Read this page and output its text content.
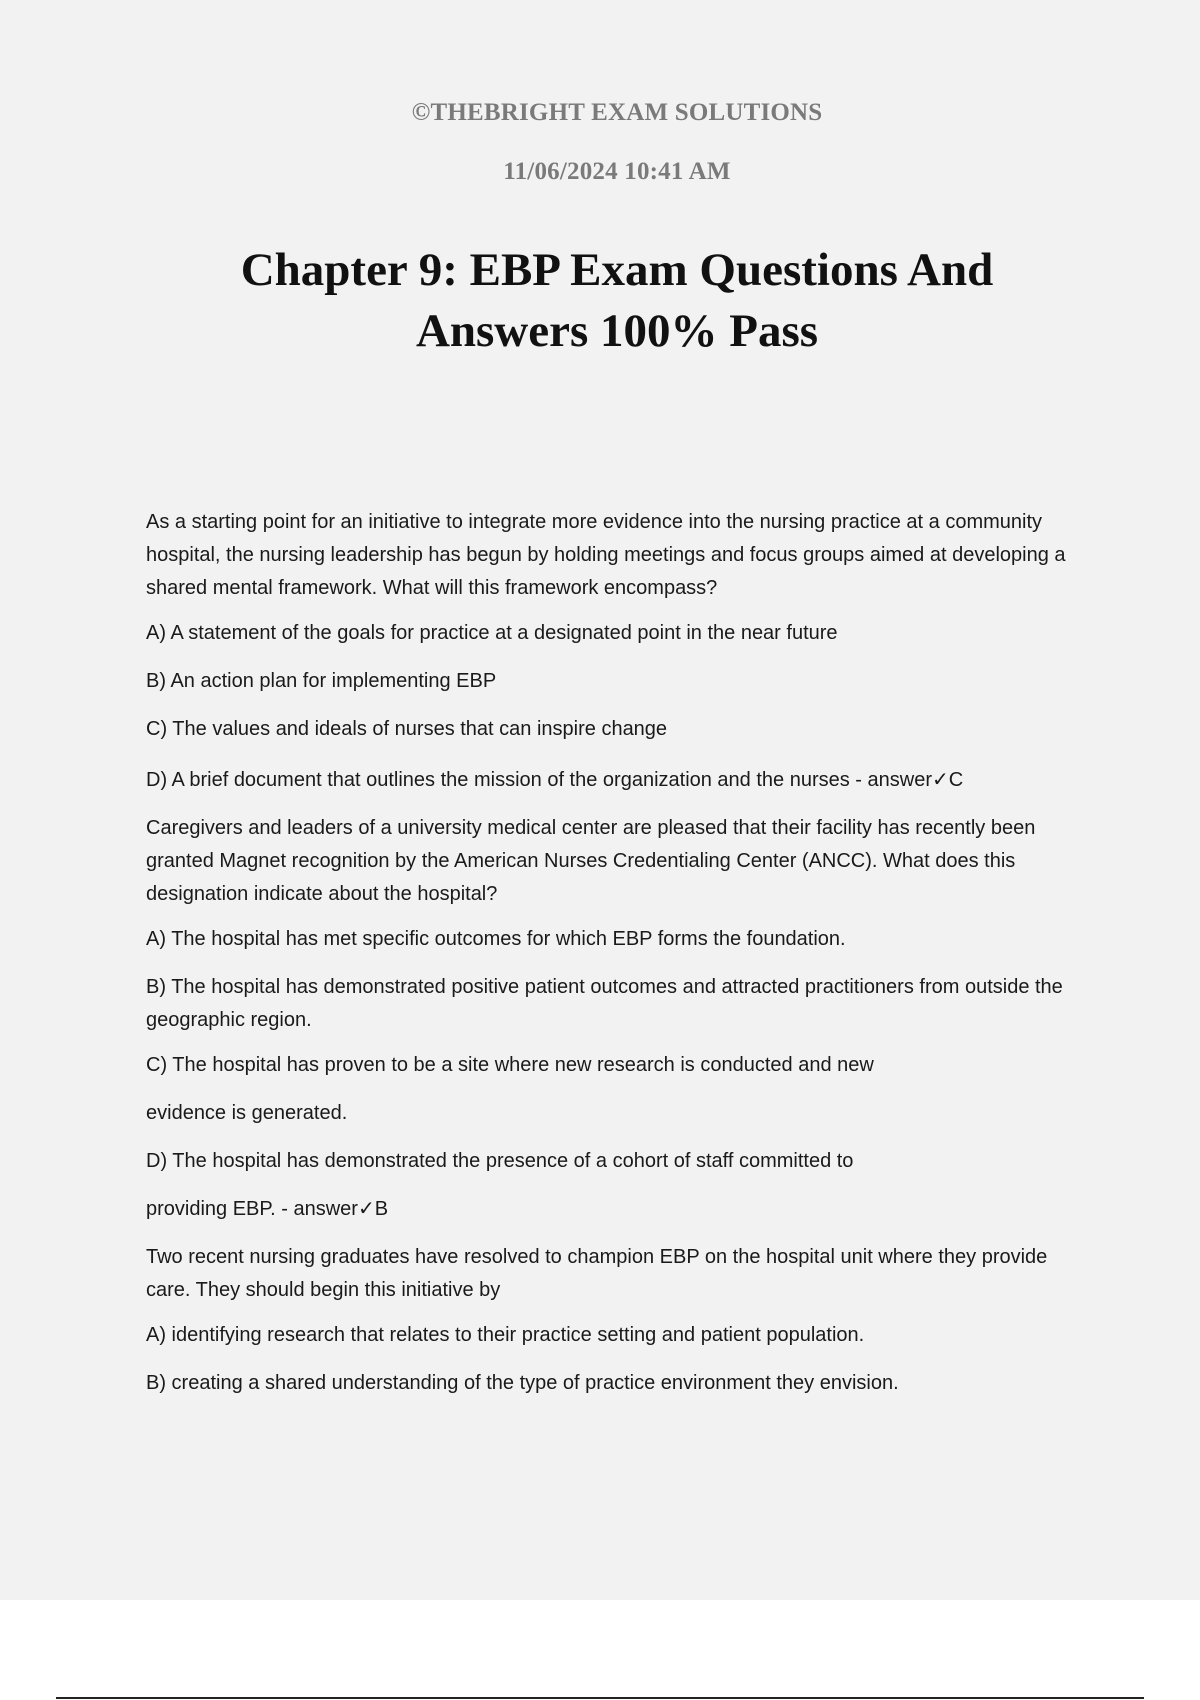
©THEBRIGHT EXAM SOLUTIONS
11/06/2024 10:41 AM
Chapter 9: EBP Exam Questions And
Answers 100% Pass

As a starting point for an initiative to integrate more evidence into the nursing practice at a community hospital, the nursing leadership has begun by holding meetings and focus groups aimed at developing a shared mental framework. What will this framework encompass?

A) A statement of the goals for practice at a designated point in the near future

B) An action plan for implementing EBP

C) The values and ideals of nurses that can inspire change

D) A brief document that outlines the mission of the organization and the nurses - answer✓C

Caregivers and leaders of a university medical center are pleased that their facility has recently been granted Magnet recognition by the American Nurses Credentialing Center (ANCC). What does this designation indicate about the hospital?

A) The hospital has met specific outcomes for which EBP forms the foundation.

B) The hospital has demonstrated positive patient outcomes and attracted practitioners from outside the geographic region.

C) The hospital has proven to be a site where new research is conducted and new

evidence is generated.

D) The hospital has demonstrated the presence of a cohort of staff committed to

providing EBP. - answer✓B

Two recent nursing graduates have resolved to champion EBP on the hospital unit where they provide care. They should begin this initiative by

A) identifying research that relates to their practice setting and patient population.

B) creating a shared understanding of the type of practice environment they envision.
